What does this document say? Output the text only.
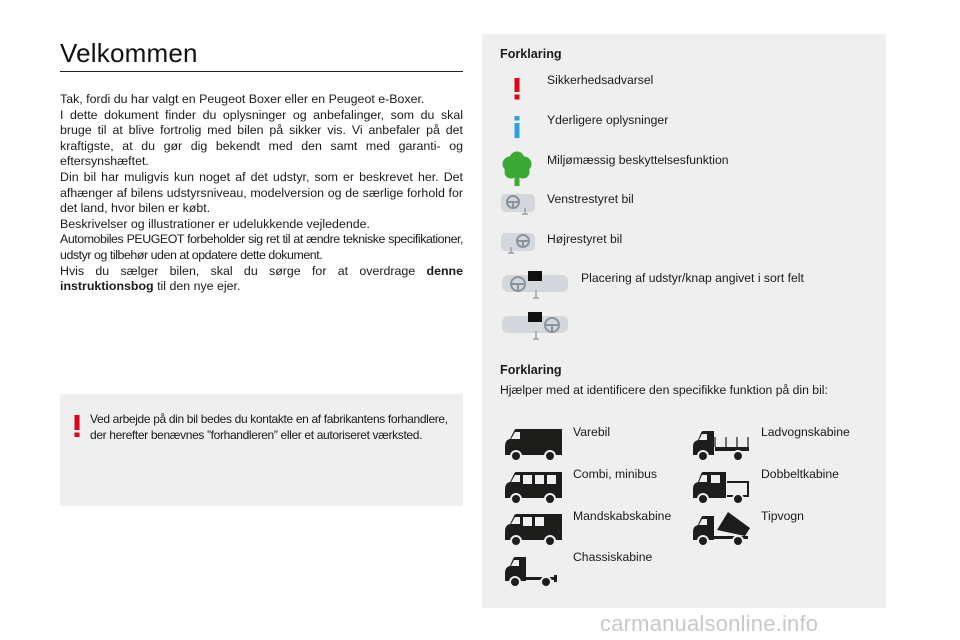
Velkommen

Tak, fordi du har valgt en Peugeot Boxer eller en Peugeot e-Boxer.

I dette dokument finder du oplysninger og anbefalinger, som du skal bruge til at blive fortrolig med bilen på sikker vis. Vi anbefaler på det kraftigste, at du gør dig bekendt med den samt med garanti- og eftersynshæftet.

Din bil har muligvis kun noget af det udstyr, som er beskrevet her. Det afhænger af bilens udstyrsniveau, modelversion og de særlige forhold for det land, hvor bilen er købt.

Beskrivelser og illustrationer er udelukkende vejledende.

Automobiles PEUGEOT forbeholder sig ret til at ændre tekniske specifikationer, udstyr og tilbehør uden at opdatere dette dokument.

Hvis du sælger bilen, skal du sørge for at overdrage denne instruktionsbog til den nye ejer.

Ved arbejde på din bil bedes du kontakte en af fabrikantens forhandlere, der herefter benævnes ”forhandleren” eller et autoriseret værksted.
Forklaring
Sikkerhedsadvarsel
Yderligere oplysninger
Miljømæssig beskyttelsesfunktion
Venstrestyret bil
Højrestyret bil
Placering af udstyr/knap angivet i sort felt
Forklaring
Hjælper med at identificere den specifikke funktion på din bil:
Varebil
Combi, minibus
Mandskabskabine
Chassiskabine
Ladvognskabine
Dobbeltkabine
Tipvogn
carmanualsonline.info
